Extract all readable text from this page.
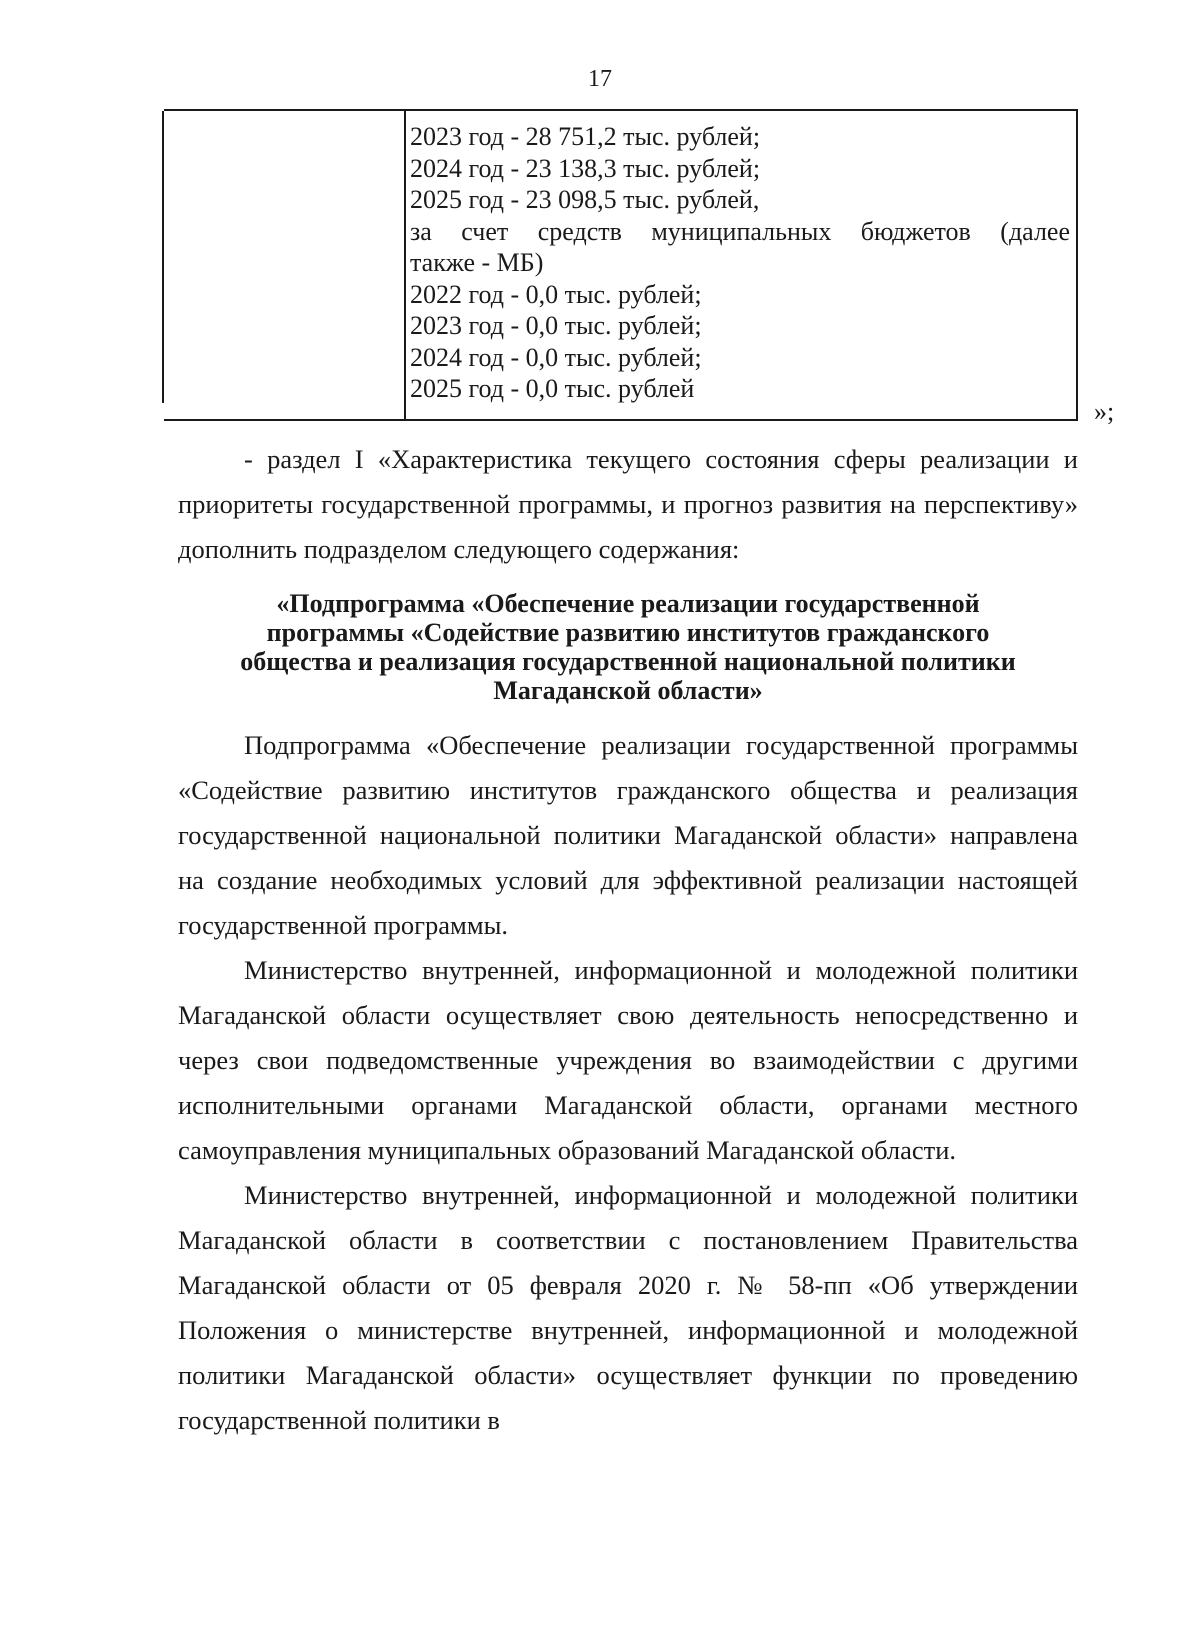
17
2023 год - 28 751,2 тыс. рублей;
2024 год - 23 138,3 тыс. рублей;
2025 год - 23 098,5 тыс. рублей,
за счет средств муниципальных бюджетов (далее
также - МБ)
2022 год - 0,0 тыс. рублей;
2023 год - 0,0 тыс. рублей;
2024 год - 0,0 тыс. рублей;
2025 год - 0,0 тыс. рублей
»;

- раздел I «Характеристика текущего состояния сферы реализации и приоритеты государственной программы, и прогноз развития на перспективу» дополнить подразделом следующего содержания:

«Подпрограмма «Обеспечение реализации государственной
программы «Содействие развитию институтов гражданского
общества и реализация государственной национальной политики
Магаданской области»

Подпрограмма «Обеспечение реализации государственной программы «Содействие развитию институтов гражданского общества и реализация государственной национальной политики Магаданской области» направлена на создание необходимых условий для эффективной реализации настоящей государственной программы.

Министерство внутренней, информационной и молодежной политики Магаданской области осуществляет свою деятельность непосредственно и через свои подведомственные учреждения во взаимодействии с другими исполнительными органами Магаданской области, органами местного самоуправления муниципальных образований Магаданской области.

Министерство внутренней, информационной и молодежной политики Магаданской области в соответствии с постановлением Правительства Магаданской области от 05 февраля 2020 г. № 58-пп «Об утверждении Положения о министерстве внутренней, информационной и молодежной политики Магаданской области» осуществляет функции по проведению государственной политики в
